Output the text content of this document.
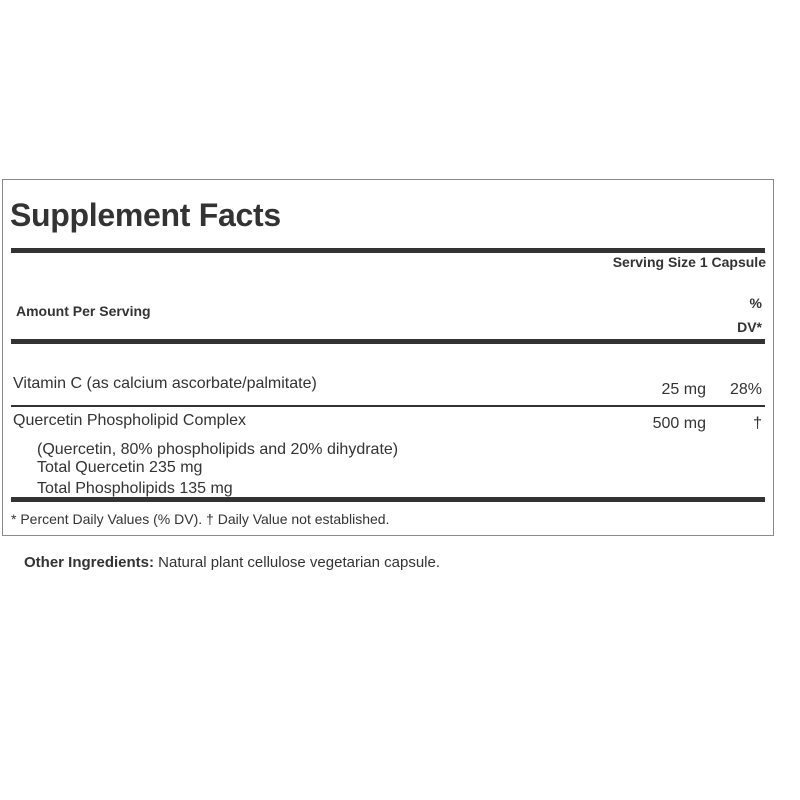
Supplement Facts
Serving Size 1 Capsule
Amount Per Serving	%
DV*
Vitamin C (as calcium ascorbate/palmitate)	25 mg 28%
Quercetin Phospholipid Complex	500 mg	†
(Quercetin, 80% phospholipids and 20% dihydrate)
Total Quercetin 235 mg
Total Phospholipids 135 mg
* Percent Daily Values (% DV). † Daily Value not established.
Other Ingredients: Natural plant cellulose vegetarian capsule.
